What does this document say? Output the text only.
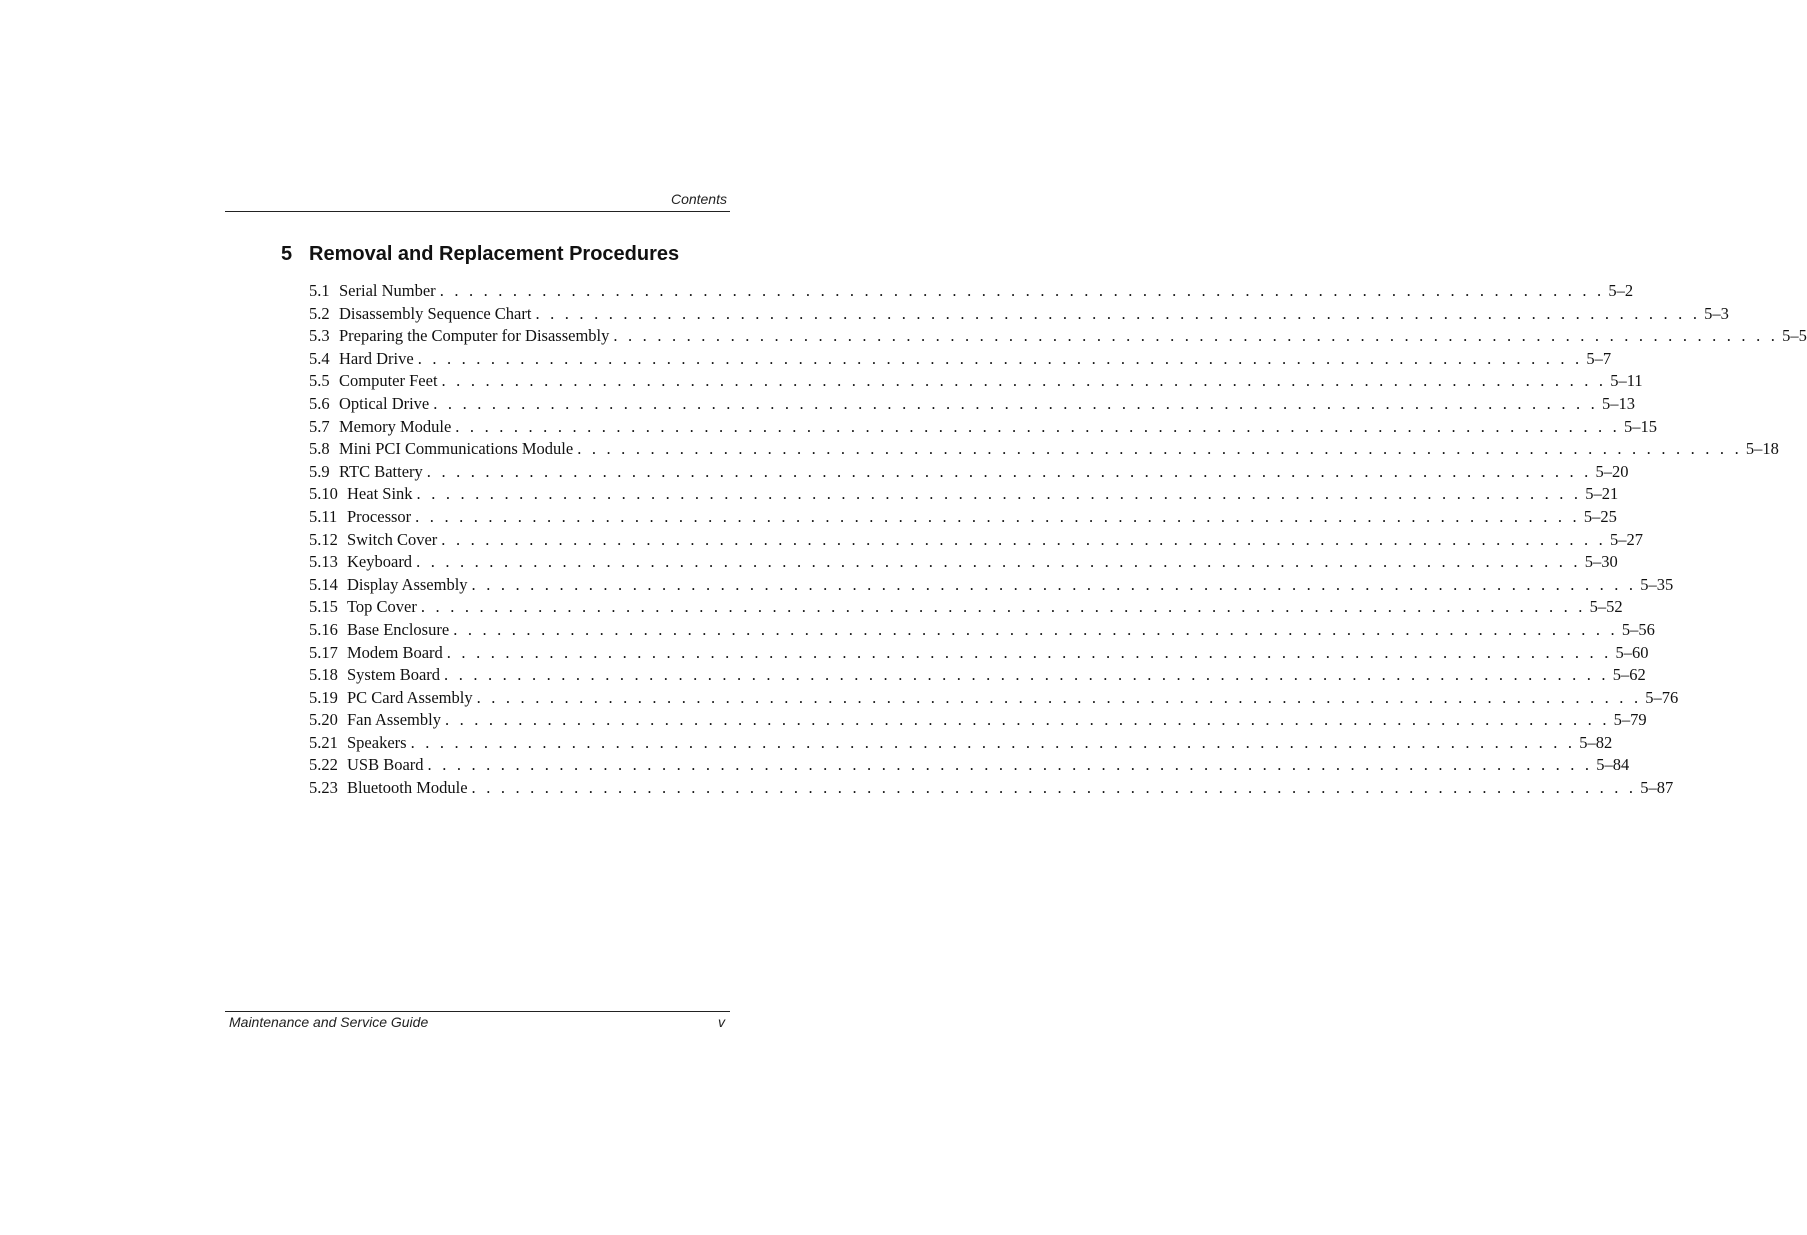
Contents
5 Removal and Replacement Procedures
5.1 Serial Number . . . . . . . . . . . . . . . . . . . . . . . . . . . . . . . . . . . . . . . . . . . . . . . . . . . . . . . . . . . . . . . . . . . . . . . . . . . . . . . . 5–2
5.2 Disassembly Sequence Chart . . . . . . . . . . . . . . . . . . . . . . . . . . . . . . . . . . . . . . . . . . . . . . . . . . . . . . . . . . . . . . . . . . . . . . . . . . . . . . . . 5–3
5.3 Preparing the Computer for Disassembly . . . . . . . . . . . . . . . . . . . . . . . . . . . . . . . . . . . . . . . . . . . . . . . . . . . . . . . . . . . . . . . . . . . . . . . . . . . . . . . . 5–5
5.4 Hard Drive . . . . . . . . . . . . . . . . . . . . . . . . . . . . . . . . . . . . . . . . . . . . . . . . . . . . . . . . . . . . . . . . . . . . . . . . . . . . . . . . 5–7
5.5 Computer Feet . . . . . . . . . . . . . . . . . . . . . . . . . . . . . . . . . . . . . . . . . . . . . . . . . . . . . . . . . . . . . . . . . . . . . . . . . . . . . . . . 5–11
5.6 Optical Drive . . . . . . . . . . . . . . . . . . . . . . . . . . . . . . . . . . . . . . . . . . . . . . . . . . . . . . . . . . . . . . . . . . . . . . . . . . . . . . . . 5–13
5.7 Memory Module . . . . . . . . . . . . . . . . . . . . . . . . . . . . . . . . . . . . . . . . . . . . . . . . . . . . . . . . . . . . . . . . . . . . . . . . . . . . . . . . 5–15
5.8 Mini PCI Communications Module . . . . . . . . . . . . . . . . . . . . . . . . . . . . . . . . . . . . . . . . . . . . . . . . . . . . . . . . . . . . . . . . . . . . . . . . . . . . . . . . 5–18
5.9 RTC Battery . . . . . . . . . . . . . . . . . . . . . . . . . . . . . . . . . . . . . . . . . . . . . . . . . . . . . . . . . . . . . . . . . . . . . . . . . . . . . . . . 5–20
5.10 Heat Sink . . . . . . . . . . . . . . . . . . . . . . . . . . . . . . . . . . . . . . . . . . . . . . . . . . . . . . . . . . . . . . . . . . . . . . . . . . . . . . . . 5–21
5.11 Processor . . . . . . . . . . . . . . . . . . . . . . . . . . . . . . . . . . . . . . . . . . . . . . . . . . . . . . . . . . . . . . . . . . . . . . . . . . . . . . . . 5–25
5.12 Switch Cover . . . . . . . . . . . . . . . . . . . . . . . . . . . . . . . . . . . . . . . . . . . . . . . . . . . . . . . . . . . . . . . . . . . . . . . . . . . . . . . . 5–27
5.13 Keyboard . . . . . . . . . . . . . . . . . . . . . . . . . . . . . . . . . . . . . . . . . . . . . . . . . . . . . . . . . . . . . . . . . . . . . . . . . . . . . . . . 5–30
5.14 Display Assembly . . . . . . . . . . . . . . . . . . . . . . . . . . . . . . . . . . . . . . . . . . . . . . . . . . . . . . . . . . . . . . . . . . . . . . . . . . . . . . . . 5–35
5.15 Top Cover . . . . . . . . . . . . . . . . . . . . . . . . . . . . . . . . . . . . . . . . . . . . . . . . . . . . . . . . . . . . . . . . . . . . . . . . . . . . . . . . 5–52
5.16 Base Enclosure . . . . . . . . . . . . . . . . . . . . . . . . . . . . . . . . . . . . . . . . . . . . . . . . . . . . . . . . . . . . . . . . . . . . . . . . . . . . . . . . 5–56
5.17 Modem Board . . . . . . . . . . . . . . . . . . . . . . . . . . . . . . . . . . . . . . . . . . . . . . . . . . . . . . . . . . . . . . . . . . . . . . . . . . . . . . . . 5–60
5.18 System Board . . . . . . . . . . . . . . . . . . . . . . . . . . . . . . . . . . . . . . . . . . . . . . . . . . . . . . . . . . . . . . . . . . . . . . . . . . . . . . . . 5–62
5.19 PC Card Assembly . . . . . . . . . . . . . . . . . . . . . . . . . . . . . . . . . . . . . . . . . . . . . . . . . . . . . . . . . . . . . . . . . . . . . . . . . . . . . . . . 5–76
5.20 Fan Assembly . . . . . . . . . . . . . . . . . . . . . . . . . . . . . . . . . . . . . . . . . . . . . . . . . . . . . . . . . . . . . . . . . . . . . . . . . . . . . . . . 5–79
5.21 Speakers . . . . . . . . . . . . . . . . . . . . . . . . . . . . . . . . . . . . . . . . . . . . . . . . . . . . . . . . . . . . . . . . . . . . . . . . . . . . . . . . 5–82
5.22 USB Board . . . . . . . . . . . . . . . . . . . . . . . . . . . . . . . . . . . . . . . . . . . . . . . . . . . . . . . . . . . . . . . . . . . . . . . . . . . . . . . . 5–84
5.23 Bluetooth Module . . . . . . . . . . . . . . . . . . . . . . . . . . . . . . . . . . . . . . . . . . . . . . . . . . . . . . . . . . . . . . . . . . . . . . . . . . . . . . . . 5–87
Maintenance and Service Guide	v
